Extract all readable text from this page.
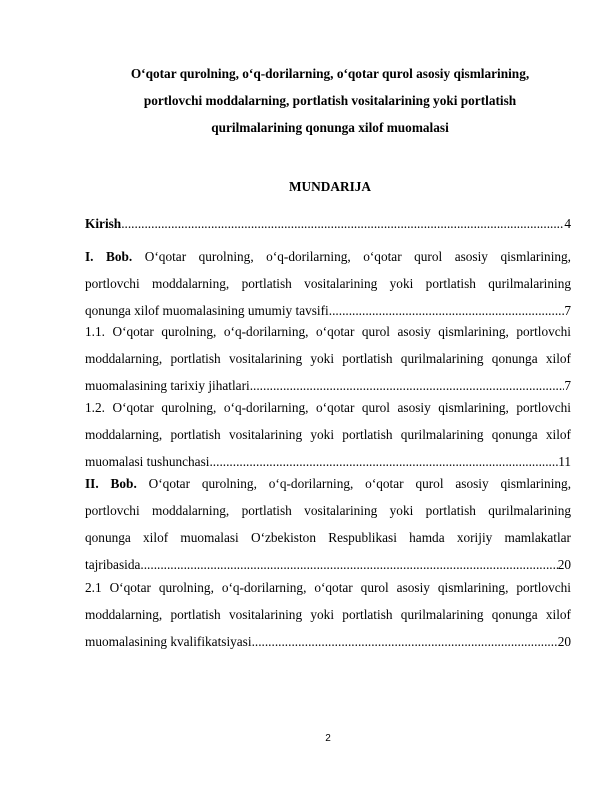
O‘qotar qurolning, o‘q-dorilarning, o‘qotar qurol asosiy qismlarining,
portlovchi moddalarning, portlatish vositalarining yoki portlatish
qurilmalarining qonunga xilof muomalasi
MUNDARIJA
Kirish .....	4
I. Bob. O‘qotar qurolning, o‘q-dorilarning, o‘qotar qurol asosiy qismlarining,
portlovchi moddalarning, portlatish vositalarining yoki portlatish qurilmalarining
qonunga xilof muomalasining umumiy tavsifi .....	7
1.1. O‘qotar qurolning, o‘q-dorilarning, o‘qotar qurol asosiy qismlarining, portlovchi
moddalarning, portlatish vositalarining yoki portlatish qurilmalarining qonunga xilof
muomalasining tarixiy jihatlari .....	7
1.2. O‘qotar qurolning, o‘q-dorilarning, o‘qotar qurol asosiy qismlarining, portlovchi
moddalarning, portlatish vositalarining yoki portlatish qurilmalarining qonunga xilof
muomalasi tushunchasi .....	11
II. Bob. O‘qotar qurolning, o‘q-dorilarning, o‘qotar qurol asosiy qismlarining,
portlovchi moddalarning, portlatish vositalarining yoki portlatish qurilmalarining
qonunga xilof muomalasi O‘zbekiston Respublikasi hamda xorijiy mamlakatlar
tajribasida .....	20
2.1 O‘qotar qurolning, o‘q-dorilarning, o‘qotar qurol asosiy qismlarining, portlovchi
moddalarning, portlatish vositalarining yoki portlatish qurilmalarining qonunga xilof
muomalasining kvalifikatsiyasi .....	20
2
